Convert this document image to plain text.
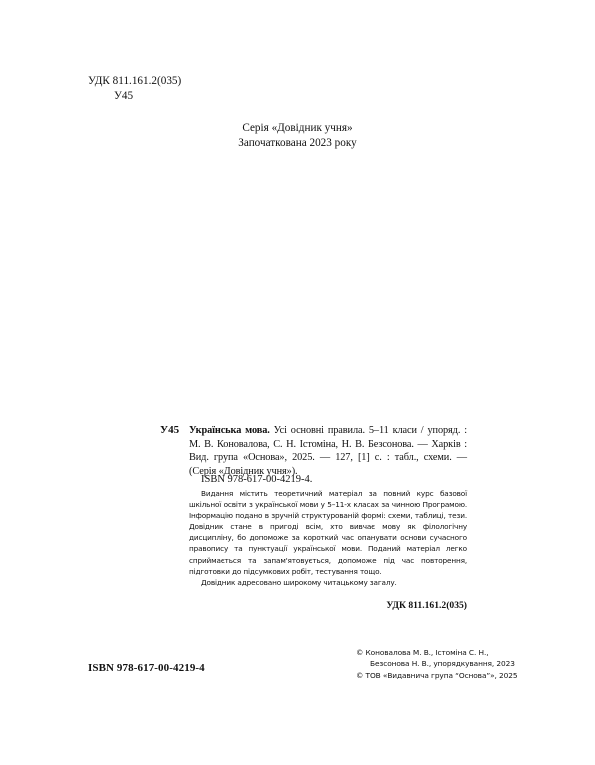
УДК 811.161.2(035)
У45
Серія «Довідник учня»
Започаткована 2023 року
У45 Українська мова. Усі основні правила. 5–11 класи / упоряд. : М. В. Коновалова, С. Н. Істоміна, Н. В. Безсонова. — Харків : Вид. група «Основа», 2025. — 127, [1] с. : табл., схеми. — (Серія «Довідник учня»).
ISBN 978-617-00-4219-4.

Видання містить теоретичний матеріал за повний курс базової шкільної освіти з української мови у 5–11-х класах за чинною Програмою. Інформацію подано в зручній структурованій формі: схеми, таблиці, тези. Довідник стане в пригоді всім, хто вивчає мову як філологічну дисципліну, бо допоможе за короткий час опанувати основи сучасного правопису та пунктуації української мови. Поданий матеріал легко сприймається та запам'ятовується, допоможе під час повторення, підготовки до підсумкових робіт, тестування тощо.

Довідник адресовано широкому читацькому загалу.

УДК 811.161.2(035)
ISBN 978-617-00-4219-4
© Коновалова М. В., Істоміна С. Н.,
Безсонова Н. В., упорядкування, 2023
© ТОВ «Видавнича група “Основа”», 2025
